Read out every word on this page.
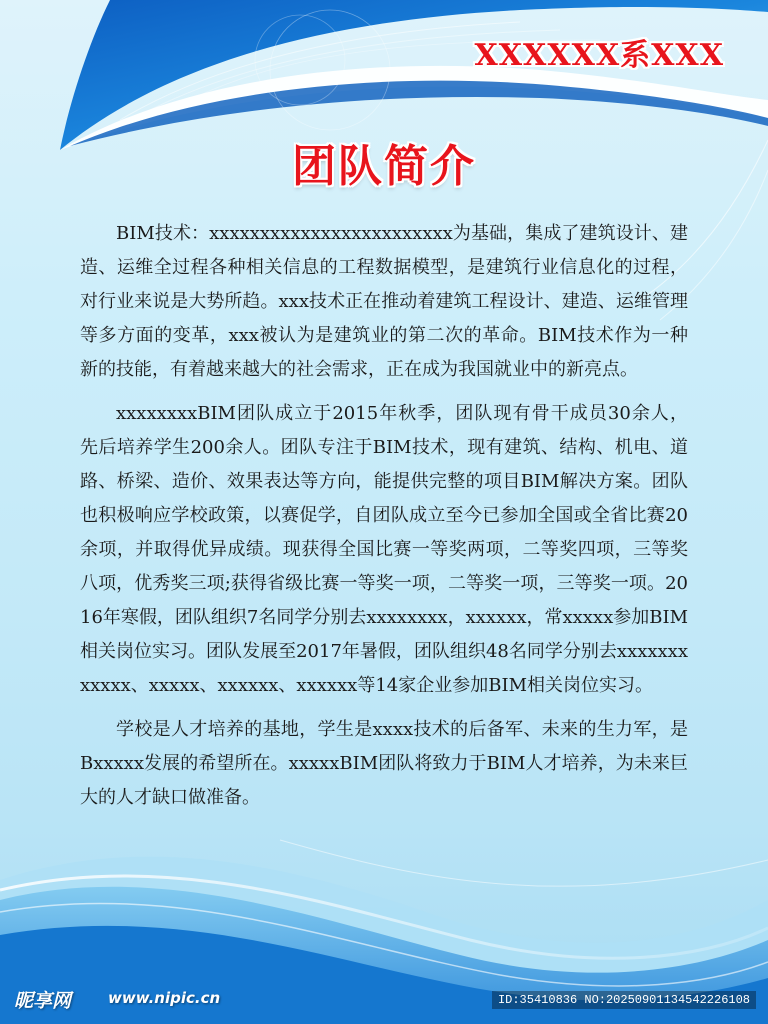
XXXXXX系XXX
团队简介

BIM技术：xxxxxxxxxxxxxxxxxxxxxxxx为基础，集成了建筑设计、建造、运维全过程各种相关信息的工程数据模型，是建筑行业信息化的过程，对行业来说是大势所趋。xxx技术正在推动着建筑工程设计、建造、运维管理等多方面的变革，xxx被认为是建筑业的第二次的革命。BIM技术作为一种新的技能，有着越来越大的社会需求，正在成为我国就业中的新亮点。

xxxxxxxxBIM团队成立于2015年秋季，团队现有骨干成员30余人， 先后培养学生200余人。团队专注于BIM技术，现有建筑、结构、机电、道路、桥梁、造价、效果表达等方向，能提供完整的项目BIM解决方案。团队也积极响应学校政策，以赛促学，自团队成立至今已参加全国或全省比赛20余项，并取得优异成绩。现获得全国比赛一等奖两项，二等奖四项，三等奖八项，优秀奖三项;获得省级比赛一等奖一项，二等奖一项，三等奖一项。2016年寒假，团队组织7名同学分别去xxxxxxxx，xxxxxx，常xxxxx参加BIM相关岗位实习。团队发展至2017年暑假，团队组织48名同学分别去xxxxxxxxxxxx、xxxxx、xxxxxx、xxxxxx等14家企业参加BIM相关岗位实习。

学校是人才培养的基地，学生是xxxx技术的后备军、未来的生力军，是Bxxxxx发展的希望所在。xxxxxBIM团队将致力于BIM人才培养，为未来巨大的人才缺口做准备。

昵享网 www.nipic.cn	ID:35410836 NO:20250901134542226108
